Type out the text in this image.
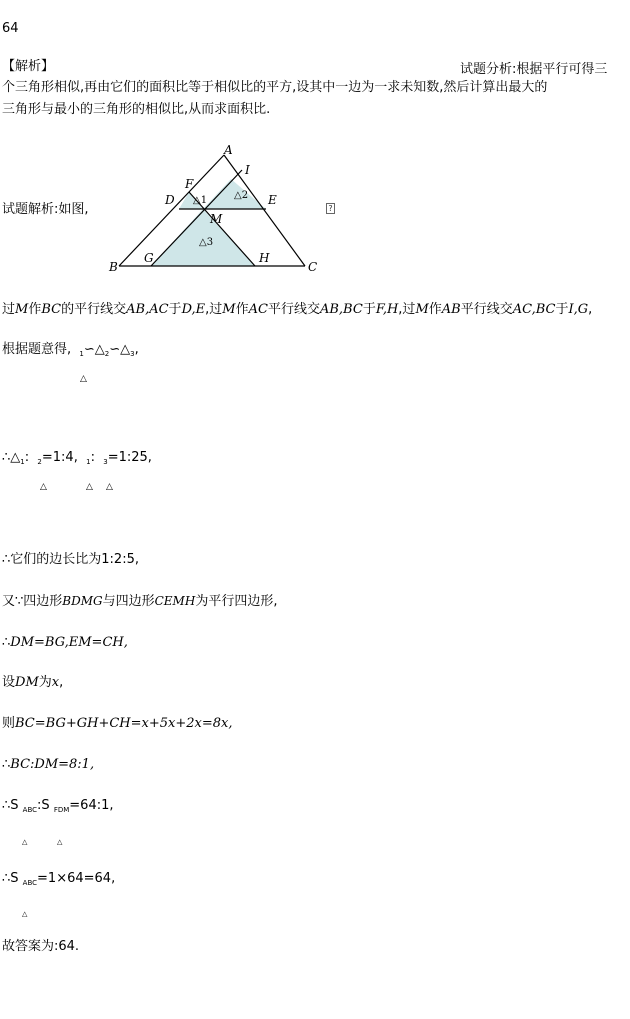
64
【解析】	试题分析:根据平行可得三
个三角形相似,再由它们的面积比等于相似比的平方,设其中一边为一求未知数,然后计算出最大的
三角形与最小的三角形的相似比,从而求面积比.
试题解析:如图,
A
B	C
D	E
F
G	H
I
M
△1	△2
△3
?
过M作BC的平行线交AB,AC于D,E,过M作AC平行线交AB,BC于F,H,过M作AB平行线交AC,BC于I,G,
根据题意得, $_1∽\triangle_2∽\triangle_3$,
△
$\therefore\triangle_1$: $_2$=1:4, $_1$: $_3$=1:25,
△	△ △
∴它们的边长比为1:2:5,
又∵四边形BDMG与四边形CEMH为平行四边形,
∴DM=BG,EM=CH,
设DM为x,
则BC=BG+GH+CH=x+5x+2x=8x,
∴BC:DM=8:1,
∴S $_{ABC}$:S $_{FDM}$=64:1,
△	△
∴S $_{ABC}$=1×64=64,
△
故答案为:64.
